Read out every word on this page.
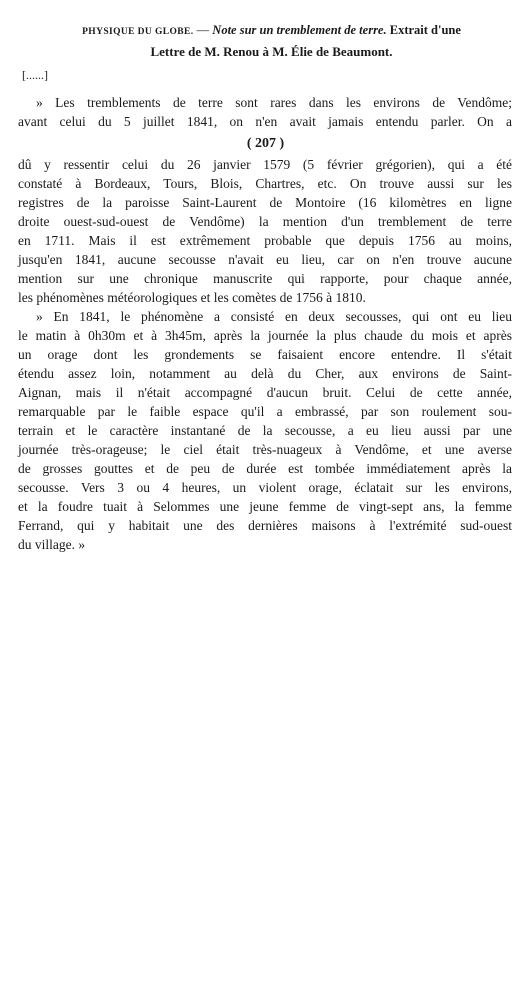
PHYSIQUE DU GLOBE. — Note sur un tremblement de terre. Extrait d'une
Lettre de M. Renou à M. Élie de Beaumont.
[......]
» Les tremblements de terre sont rares dans les environs de Vendôme;
avant celui du 5 juillet 1841, on n'en avait jamais entendu parler. On a
( 207 )
dû y ressentir celui du 26 janvier 1579 (5 février grégorien), qui a été
constaté à Bordeaux, Tours, Blois, Chartres, etc. On trouve aussi sur les
registres de la paroisse Saint-Laurent de Montoire (16 kilomètres en ligne
droite ouest-sud-ouest de Vendôme) la mention d'un tremblement de terre
en 1711. Mais il est extrêmement probable que depuis 1756 au moins,
jusqu'en 1841, aucune secousse n'avait eu lieu, car on n'en trouve aucune
mention sur une chronique manuscrite qui rapporte, pour chaque année,
les phénomènes météorologiques et les comètes de 1756 à 1810.
» En 1841, le phénomène a consisté en deux secousses, qui ont eu lieu
le matin à 0h30m et à 3h45m, après la journée la plus chaude du mois et après
un orage dont les grondements se faisaient encore entendre. Il s'était
étendu assez loin, notamment au delà du Cher, aux environs de Saint-
Aignan, mais il n'était accompagné d'aucun bruit. Celui de cette année,
remarquable par le faible espace qu'il a embrassé, par son roulement sou-
terrain et le caractère instantané de la secousse, a eu lieu aussi par une
journée très-orageuse; le ciel était très-nuageux à Vendôme, et une averse
de grosses gouttes et de peu de durée est tombée immédiatement après la
secousse. Vers 3 ou 4 heures, un violent orage, éclatait sur les environs,
et la foudre tuait à Selommes une jeune femme de vingt-sept ans, la femme
Ferrand, qui y habitait une des dernières maisons à l'extrémité sud-ouest
du village. »
